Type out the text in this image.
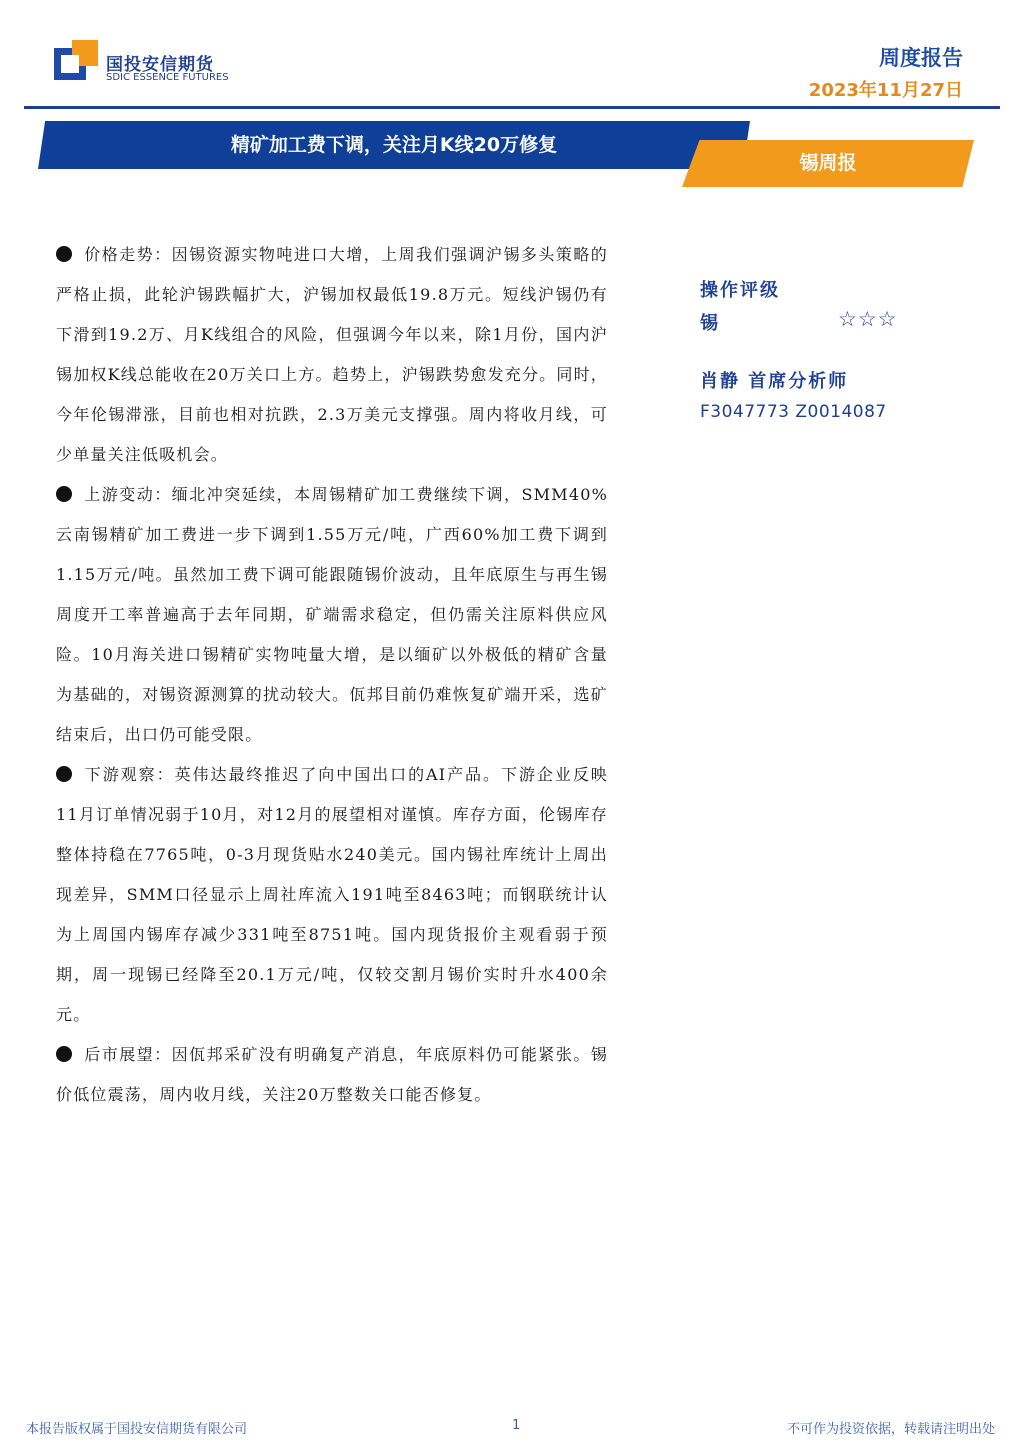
国投安信期货
SDIC ESSENCE FUTURES
周度报告
2023年11月27日
精矿加工费下调，关注月K线20万修复
锡周报

价格走势：因锡资源实物吨进口大增，上周我们强调沪锡多头策略的严格止损，此轮沪锡跌幅扩大，沪锡加权最低19.8万元。短线沪锡仍有下滑到19.2万、月K线组合的风险，但强调今年以来，除1月份，国内沪锡加权K线总能收在20万关口上方。趋势上，沪锡跌势愈发充分。同时，今年伦锡滞涨，目前也相对抗跌，2.3万美元支撑强。周内将收月线，可少单量关注低吸机会。

上游变动：缅北冲突延续，本周锡精矿加工费继续下调，SMM40%云南锡精矿加工费进一步下调到1.55万元/吨，广西60%加工费下调到1.15万元/吨。虽然加工费下调可能跟随锡价波动，且年底原生与再生锡周度开工率普遍高于去年同期，矿端需求稳定，但仍需关注原料供应风险。10月海关进口锡精矿实物吨量大增，是以缅矿以外极低的精矿含量为基础的，对锡资源测算的扰动较大。佤邦目前仍难恢复矿端开采，选矿结束后，出口仍可能受限。

下游观察：英伟达最终推迟了向中国出口的AI产品。下游企业反映11月订单情况弱于10月，对12月的展望相对谨慎。库存方面，伦锡库存整体持稳在7765吨，0-3月现货贴水240美元。国内锡社库统计上周出现差异，SMM口径显示上周社库流入191吨至8463吨；而钢联统计认为上周国内锡库存减少331吨至8751吨。国内现货报价主观看弱于预期，周一现锡已经降至20.1万元/吨，仅较交割月锡价实时升水400余元。

后市展望：因佤邦采矿没有明确复产消息，年底原料仍可能紧张。锡价低位震荡，周内收月线，关注20万整数关口能否修复。

操作评级
锡	☆☆☆
肖静 首席分析师
F3047773 Z0014087
本报告版权属于国投安信期货有限公司	1	不可作为投资依据，转载请注明出处
